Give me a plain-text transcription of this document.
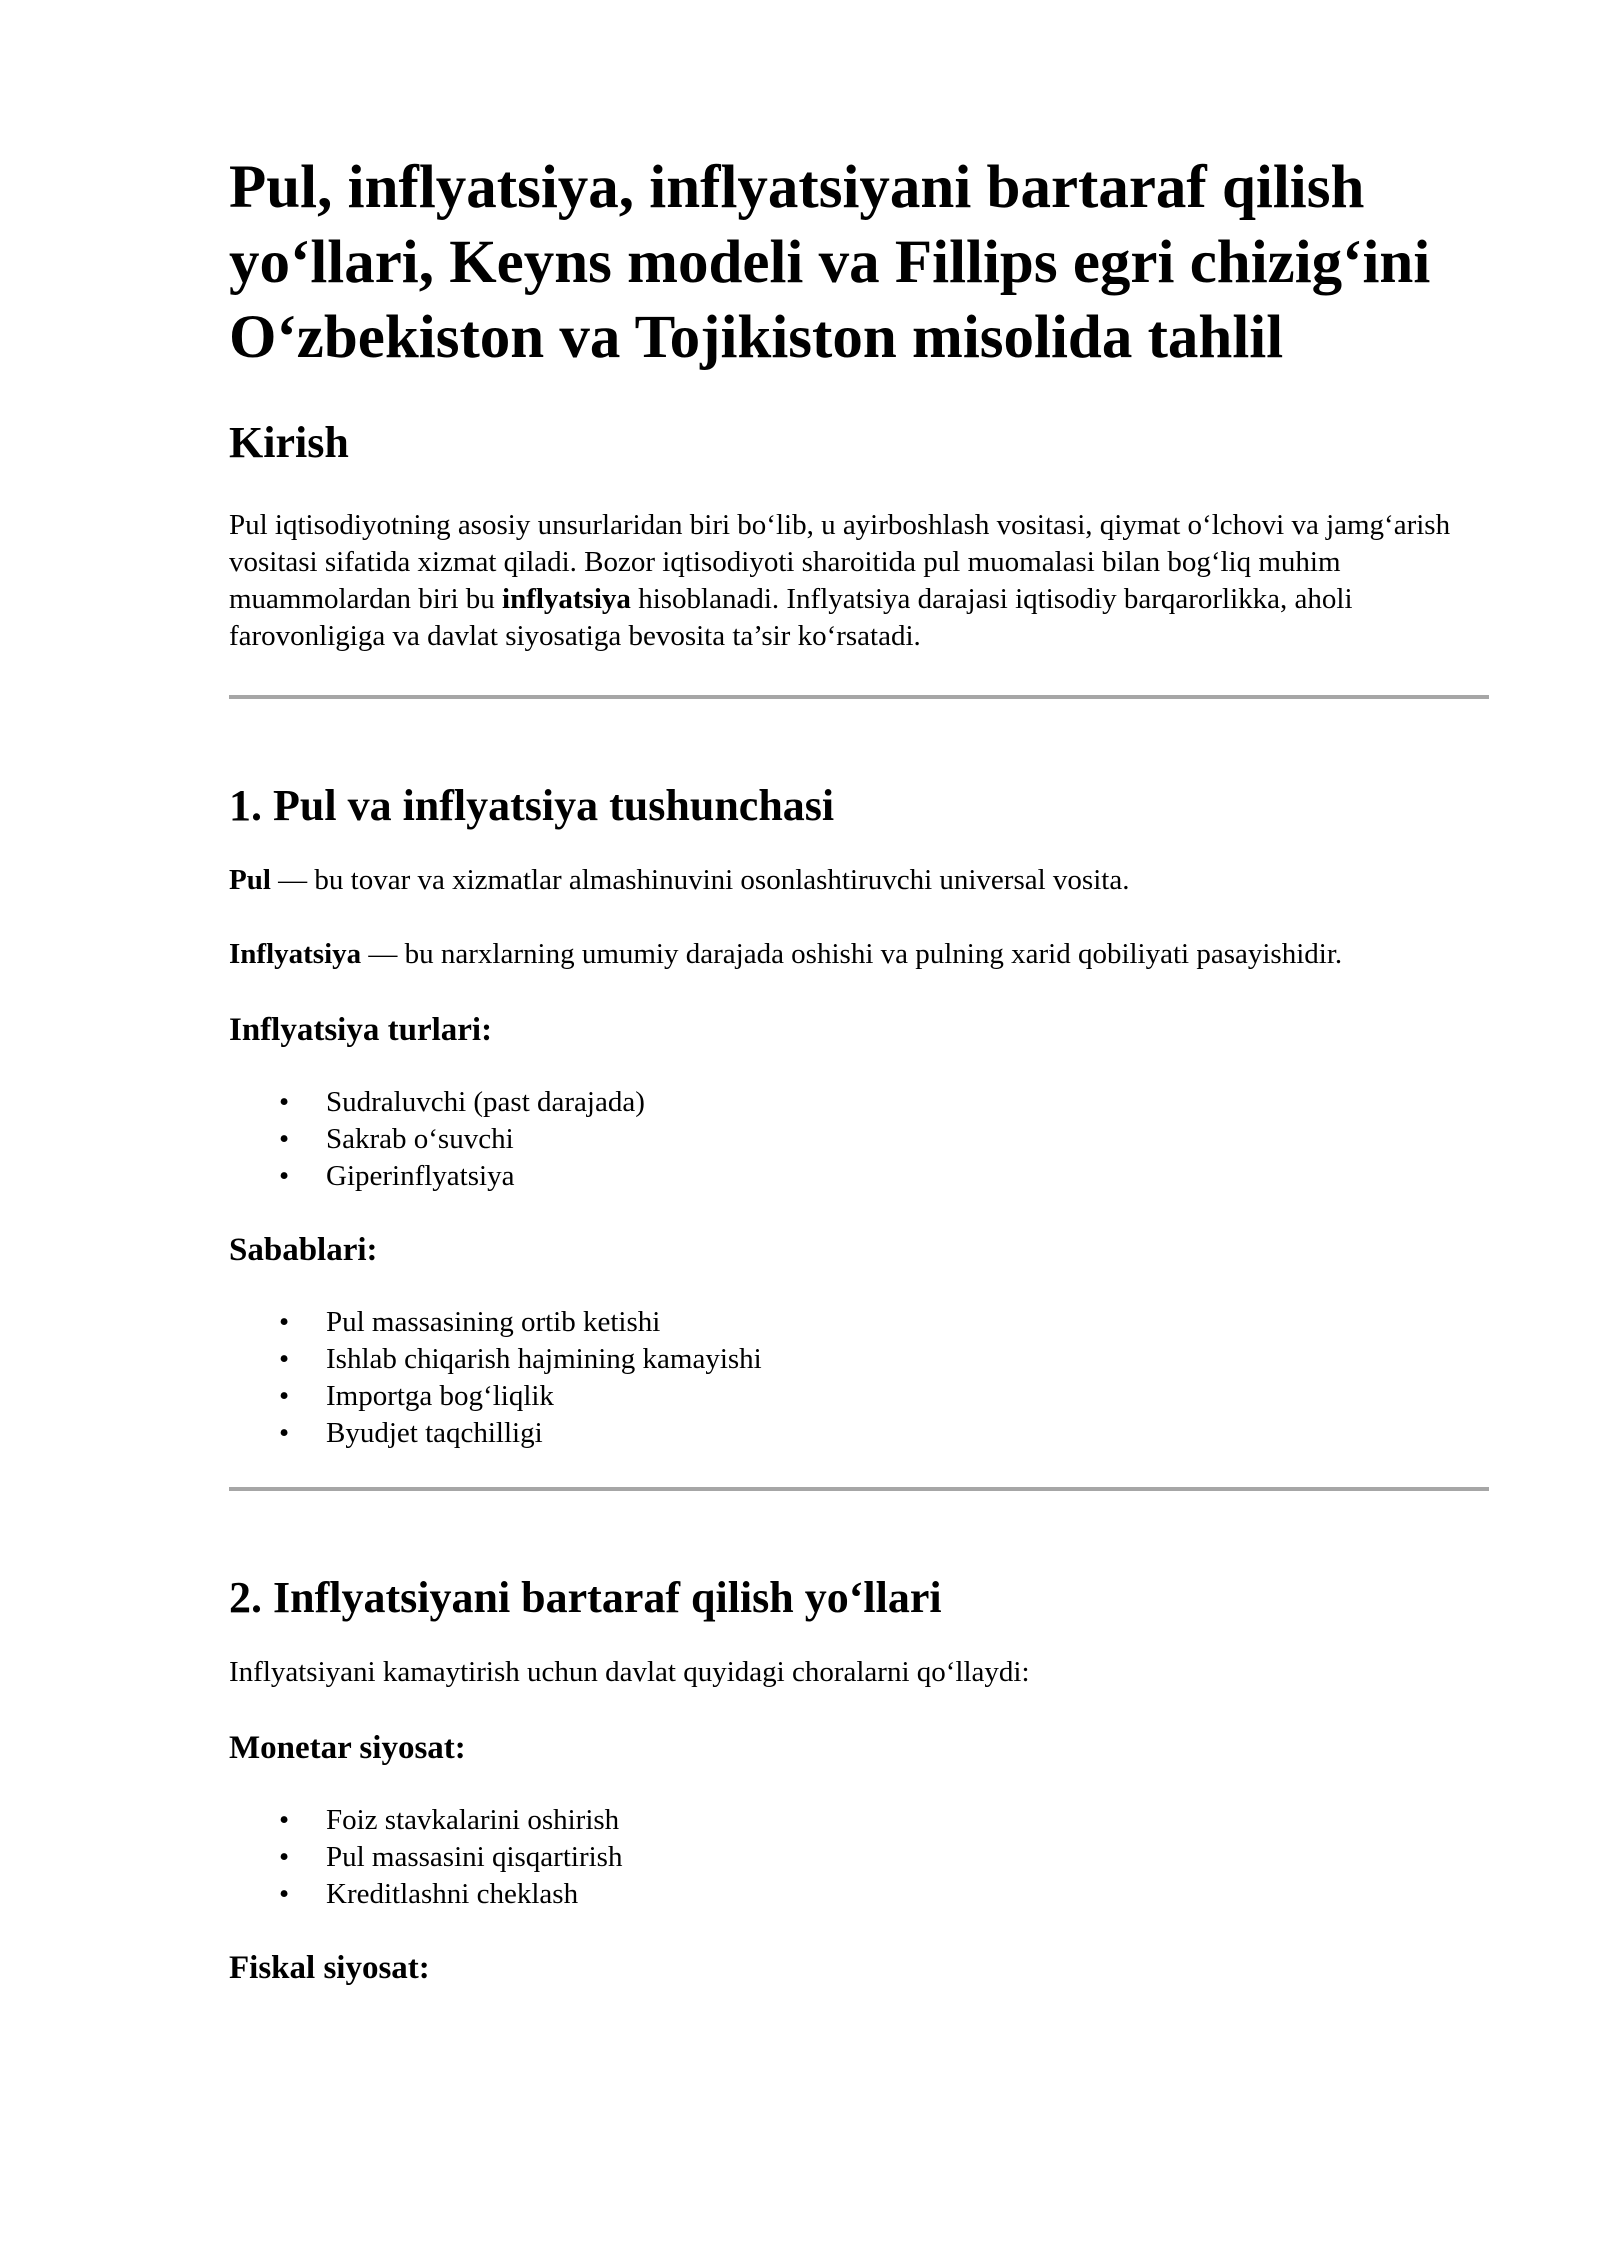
Pul, inflyatsiya, inflyatsiyani bartaraf qilish yo‘llari, Keyns modeli va Fillips egri chizig‘ini O‘zbekiston va Tojikiston misolida tahlil
Kirish

Pul iqtisodiyotning asosiy unsurlaridan biri bo‘lib, u ayirboshlash vositasi, qiymat o‘lchovi va jamg‘arish vositasi sifatida xizmat qiladi. Bozor iqtisodiyoti sharoitida pul muomalasi bilan bog‘liq muhim muammolardan biri bu inflyatsiya hisoblanadi. Inflyatsiya darajasi iqtisodiy barqarorlikka, aholi farovonligiga va davlat siyosatiga bevosita ta’sir ko‘rsatadi.

1. Pul va inflyatsiya tushunchasi

Pul — bu tovar va xizmatlar almashinuvini osonlashtiruvchi universal vosita.

Inflyatsiya — bu narxlarning umumiy darajada oshishi va pulning xarid qobiliyati pasayishidir.

Inflyatsiya turlari:
• Sudraluvchi (past darajada)
• Sakrab o‘suvchi
• Giperinflyatsiya
Sabablari:
• Pul massasining ortib ketishi
• Ishlab chiqarish hajmining kamayishi
• Importga bog‘liqlik
• Byudjet taqchilligi
2. Inflyatsiyani bartaraf qilish yo‘llari

Inflyatsiyani kamaytirish uchun davlat quyidagi choralarni qo‘llaydi:

Monetar siyosat:
• Foiz stavkalarini oshirish
• Pul massasini qisqartirish
• Kreditlashni cheklash
Fiskal siyosat:
